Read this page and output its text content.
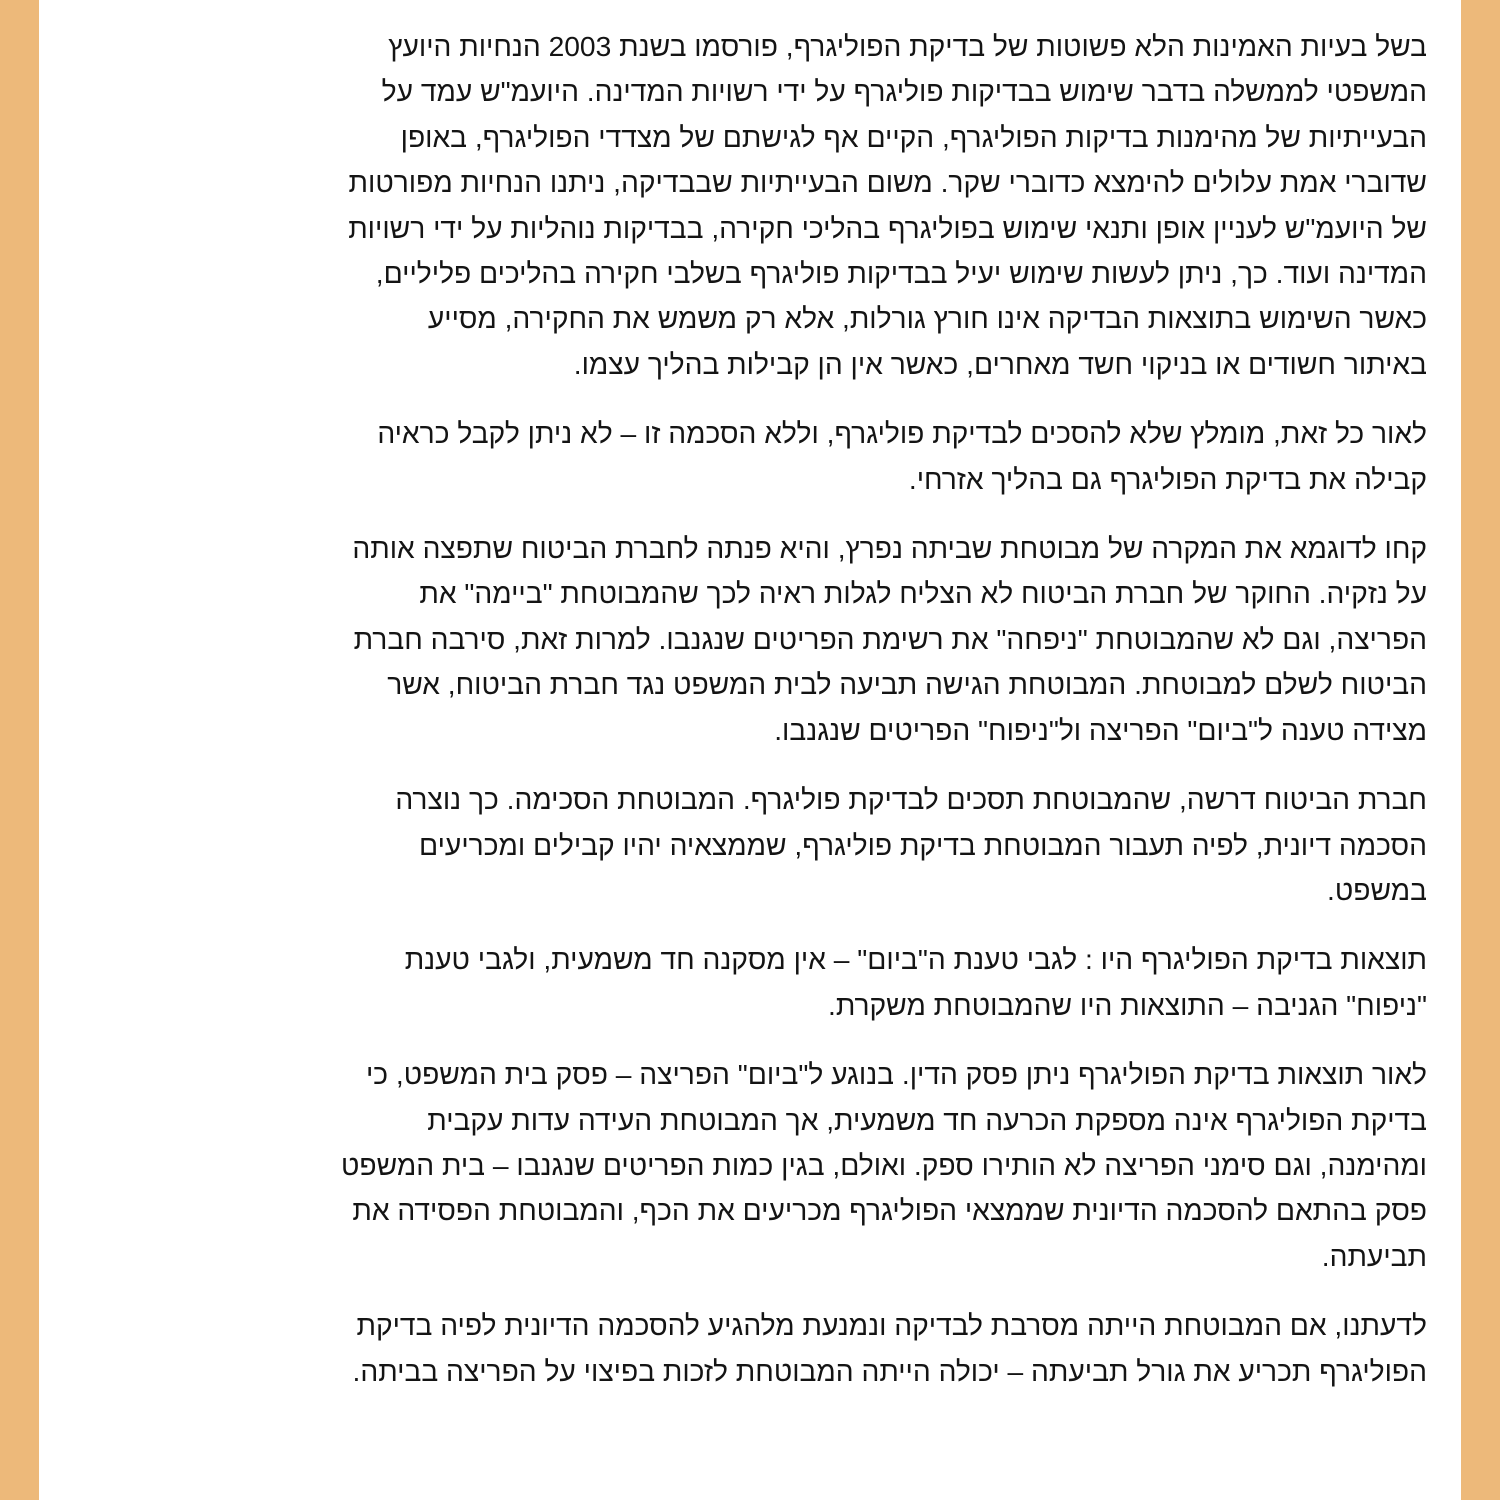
בשל בעיות האמינות הלא פשוטות של בדיקת הפוליגרף, פורסמו בשנת 2003 הנחיות היועץ
המשפטי לממשלה בדבר שימוש בבדיקות פוליגרף על ידי רשויות המדינה. היועמ"ש עמד על
הבעייתיות של מהימנות בדיקות הפוליגרף, הקיים אף לגישתם של מצדדי הפוליגרף, באופן
שדוברי אמת עלולים להימצא כדוברי שקר. משום הבעייתיות שבבדיקה, ניתנו הנחיות מפורטות
של היועמ"ש לעניין אופן ותנאי שימוש בפוליגרף בהליכי חקירה, בבדיקות נוהליות על ידי רשויות
המדינה ועוד. כך, ניתן לעשות שימוש יעיל בבדיקות פוליגרף בשלבי חקירה בהליכים פליליים,
כאשר השימוש בתוצאות הבדיקה אינו חורץ גורלות, אלא רק משמש את החקירה, מסייע
באיתור חשודים או בניקוי חשד מאחרים, כאשר אין הן קבילות בהליך עצמו.

לאור כל זאת, מומלץ שלא להסכים לבדיקת פוליגרף, וללא הסכמה זו – לא ניתן לקבל כראיה
קבילה את בדיקת הפוליגרף גם בהליך אזרחי.

קחו לדוגמא את המקרה של מבוטחת שביתה נפרץ, והיא פנתה לחברת הביטוח שתפצה אותה
על נזקיה. החוקר של חברת הביטוח לא הצליח לגלות ראיה לכך שהמבוטחת "ביימה" את
הפריצה, וגם לא שהמבוטחת "ניפחה" את רשימת הפריטים שנגנבו. למרות זאת, סירבה חברת
הביטוח לשלם למבוטחת. המבוטחת הגישה תביעה לבית המשפט נגד חברת הביטוח, אשר
מצידה טענה ל"ביום" הפריצה ול"ניפוח" הפריטים שנגנבו.

חברת הביטוח דרשה, שהמבוטחת תסכים לבדיקת פוליגרף. המבוטחת הסכימה. כך נוצרה
הסכמה דיונית, לפיה תעבור המבוטחת בדיקת פוליגרף, שממצאיה יהיו קבילים ומכריעים
במשפט.

תוצאות בדיקת הפוליגרף היו : לגבי טענת ה"ביום" – אין מסקנה חד משמעית, ולגבי טענת
"ניפוח" הגניבה – התוצאות היו שהמבוטחת משקרת.

לאור תוצאות בדיקת הפוליגרף ניתן פסק הדין. בנוגע ל"ביום" הפריצה – פסק בית המשפט, כי
בדיקת הפוליגרף אינה מספקת הכרעה חד משמעית, אך המבוטחת העידה עדות עקבית
ומהימנה, וגם סימני הפריצה לא הותירו ספק. ואולם, בגין כמות הפריטים שנגנבו – בית המשפט
פסק בהתאם להסכמה הדיונית שממצאי הפוליגרף מכריעים את הכף, והמבוטחת הפסידה את
תביעתה.

לדעתנו, אם המבוטחת הייתה מסרבת לבדיקה ונמנעת מלהגיע להסכמה הדיונית לפיה בדיקת
הפוליגרף תכריע את גורל תביעתה – יכולה הייתה המבוטחת לזכות בפיצוי על הפריצה בביתה.
